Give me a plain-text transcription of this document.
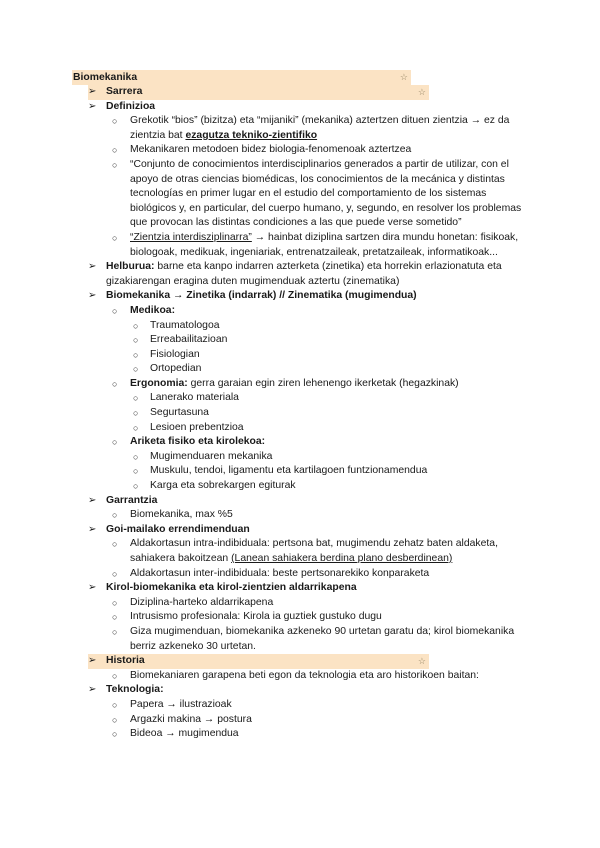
Biomekanika	☆
➢ Sarrera	☆
➢ Definizioa
○ Grekotik “bios” (bizitza) eta “mijaniki” (mekanika) aztertzen dituen zientzia → ez da zientzia bat ezagutza tekniko-zientifiko
○ Mekanikaren metodoen bidez biologia-fenomenoak aztertzea
○ “Conjunto de conocimientos interdisciplinarios generados a partir de utilizar, con el apoyo de otras ciencias biomédicas, los conocimientos de la mecánica y distintas tecnologías en primer lugar en el estudio del comportamiento de los sistemas biológicos y, en particular, del cuerpo humano, y, segundo, en resolver los problemas que provocan las distintas condiciones a las que puede verse sometido”
○ “Zientzia interdisziplinarra” → hainbat diziplina sartzen dira mundu honetan: fisikoak, biologoak, medikuak, ingeniariak, entrenatzaileak, pretatzaileak, informatikoak...
➢ Helburua: barne eta kanpo indarren azterketa (zinetika) eta horrekin erlazionatuta eta gizakiarengan eragina duten mugimenduak aztertu (zinematika)
➢ Biomekanika → Zinetika (indarrak) // Zinematika (mugimendua)
○ Medikoa:
○ Traumatologoa
○ Erreabailitazioan
○ Fisiologian
○ Ortopedian
○ Ergonomia: gerra garaian egin ziren lehenengo ikerketak (hegazkinak)
○ Lanerako materiala
○ Segurtasuna
○ Lesioen prebentzioa
○ Ariketa fisiko eta kirolekoa:
○ Mugimenduaren mekanika
○ Muskulu, tendoi, ligamentu eta kartilagoen funtzionamendua
○ Karga eta sobrekargen egiturak
➢ Garrantzia
○ Biomekanika, max %5
➢ Goi-mailako errendimenduan
○ Aldakortasun intra-indibiduala: pertsona bat, mugimendu zehatz baten aldaketa, sahiakera bakoitzean (Lanean sahiakera berdina plano desberdinean)
○ Aldakortasun inter-indibiduala: beste pertsonarekiko konparaketa
➢ Kirol-biomekanika eta kirol-zientzien aldarrikapena
○ Diziplina-harteko aldarrikapena
○ Intrusismo profesionala: Kirola ia guztiek gustuko dugu
○ Giza mugimenduan, biomekanika azkeneko 90 urtetan garatu da; kirol biomekanika berriz azkeneko 30 urtetan.
➢ Historia	☆
○ Biomekaniaren garapena beti egon da teknologia eta aro historikoen baitan:
➢ Teknologia:
○ Papera → ilustrazioak
○ Argazki makina → postura
○ Bideoa → mugimendua
